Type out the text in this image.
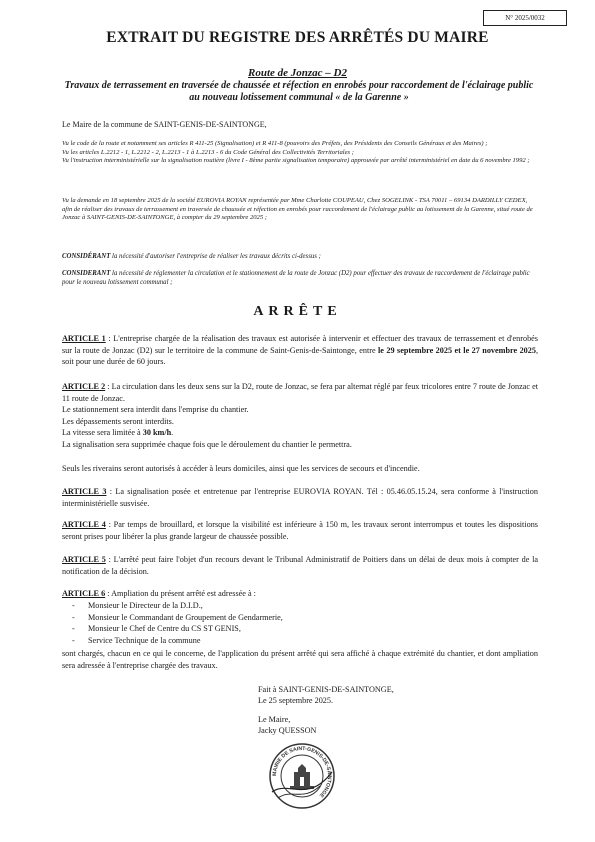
N° 2025/0032
EXTRAIT DU REGISTRE DES ARRÊTÉS DU MAIRE
Route de Jonzac – D2
Travaux de terrassement en traversée de chaussée et réfection en enrobés pour raccordement de l'éclairage public au nouveau lotissement communal « de la Garenne »
Le Maire de la commune de SAINT-GENIS-DE-SAINTONGE,
Vu le code de la route et notamment ses articles R 411-25 (Signalisation) et R 411-8 (pouvoirs des Préfets, des Présidents des Conseils Généraux et des Maires) ;
Vu les articles L.2212 - 1, L.2212 - 2, L.2213 - 1 à L.2213 - 6 du Code Général des Collectivités Territoriales ;
Vu l'instruction interministérielle sur la signalisation routière (livre I - 8ème partie signalisation temporaire) approuvée par arrêté interministériel en date du 6 novembre 1992 ;
Vu la demande en 18 septembre 2025 de la société EUROVIA ROYAN représentée par Mme Charlotte COUPEAU, Chez SOGELINK - TSA 70011 – 69134 DARDILLY CEDEX, afin de réaliser des travaux de terrassement en traversée de chaussée et réfection en enrobés pour raccordement de l'éclairage public au lotissement de la Garenne, situé route de Jonzac à SAINT-GENIS-DE-SAINTONGE, à compter du 29 septembre 2025 ;
CONSIDÉRANT la nécessité d'autoriser l'entreprise de réaliser les travaux décrits ci-dessus ;
CONSIDERANT la nécessité de réglementer la circulation et le stationnement de la route de Jonzac (D2) pour effectuer des travaux de raccordement de l'éclairage public pour le nouveau lotissement communal ;
ARRÊTE
ARTICLE 1 : L'entreprise chargée de la réalisation des travaux est autorisée à intervenir et effectuer des travaux de terrassement et d'enrobés sur la route de Jonzac (D2) sur le territoire de la commune de Saint-Genis-de-Saintonge, entre le 29 septembre 2025 et le 27 novembre 2025, soit pour une durée de 60 jours.

ARTICLE 2 : La circulation dans les deux sens sur la D2, route de Jonzac, se fera par alternat réglé par feux tricolores entre 7 route de Jonzac et 11 route de Jonzac.

Le stationnement sera interdit dans l'emprise du chantier.

Les dépassements seront interdits.

La vitesse sera limitée à 30 km/h.

La signalisation sera supprimée chaque fois que le déroulement du chantier le permettra.

Seuls les riverains seront autorisés à accéder à leurs domiciles, ainsi que les services de secours et d'incendie.
ARTICLE 3 : La signalisation posée et entretenue par l'entreprise EUROVIA ROYAN. Tél : 05.46.05.15.24, sera conforme à l'instruction interministérielle susvisée.
ARTICLE 4 : Par temps de brouillard, et lorsque la visibilité est inférieure à 150 m, les travaux seront interrompus et toutes les dispositions seront prises pour libérer la plus grande largeur de chaussée possible.
ARTICLE 5 : L'arrêté peut faire l'objet d'un recours devant le Tribunal Administratif de Poitiers dans un délai de deux mois à compter de la notification de la décision.
ARTICLE 6 : Ampliation du présent arrêté est adressée à :
- Monsieur le Directeur de la D.I.D.,
- Monsieur le Commandant de Groupement de Gendarmerie,
- Monsieur le Chef de Centre du CS ST GENIS,
- Service Technique de la commune
sont chargés, chacun en ce qui le concerne, de l'application du présent arrêté qui sera affiché à chaque extrémité du chantier, et dont ampliation sera adressée à l'entreprise chargée des travaux.
Fait à SAINT-GENIS-DE-SAINTONGE,
Le 25 septembre 2025.
Le Maire,
Jacky QUESSON
MAIRIE DE SAINT-GENIS-DE-SAINTONGE
